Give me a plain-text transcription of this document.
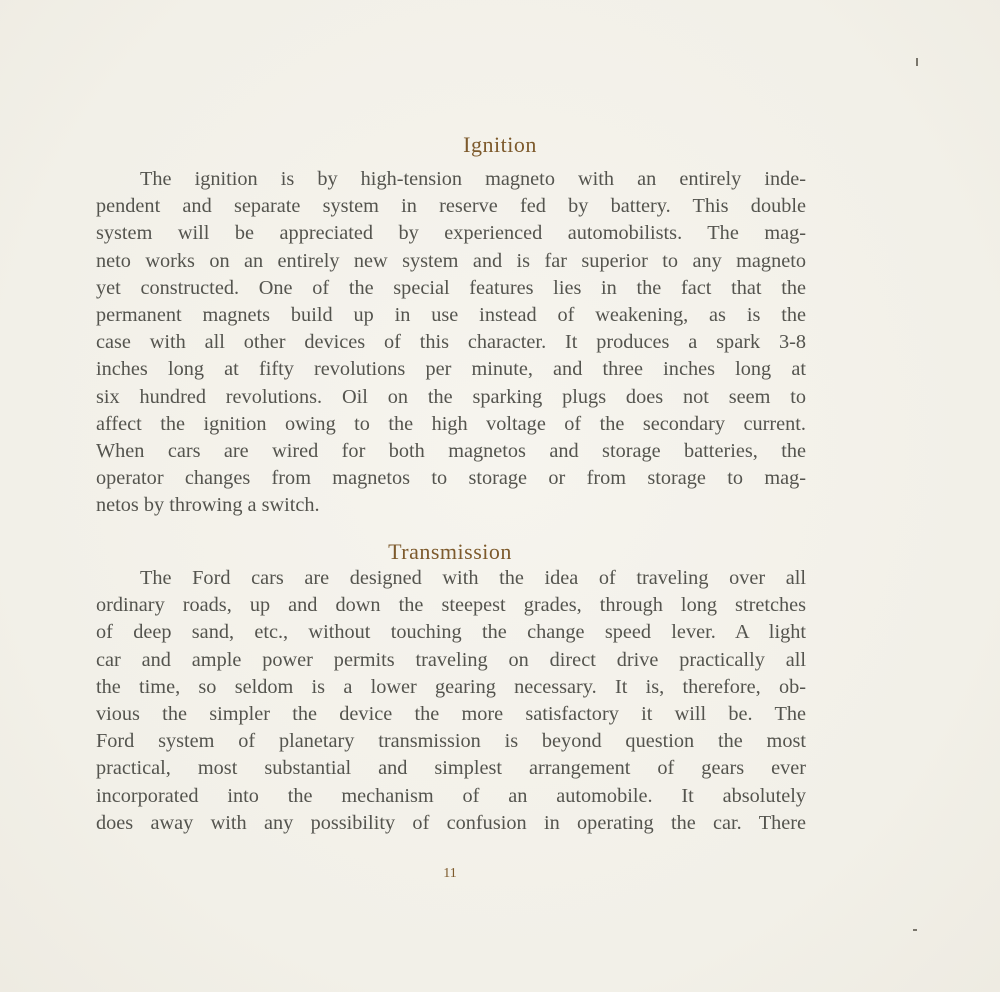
Ignition
The ignition is by high-tension magneto with an entirely inde-
pendent and separate system in reserve fed by battery. This double
system will be appreciated by experienced automobilists. The mag-
neto works on an entirely new system and is far superior to any magneto
yet constructed. One of the special features lies in the fact that the
permanent magnets build up in use instead of weakening, as is the
case with all other devices of this character. It produces a spark 3-8
inches long at fifty revolutions per minute, and three inches long at
six hundred revolutions. Oil on the sparking plugs does not seem to
affect the ignition owing to the high voltage of the secondary current.
When cars are wired for both magnetos and storage batteries, the
operator changes from magnetos to storage or from storage to mag-
netos by throwing a switch.
Transmission
The Ford cars are designed with the idea of traveling over all
ordinary roads, up and down the steepest grades, through long stretches
of deep sand, etc., without touching the change speed lever. A light
car and ample power permits traveling on direct drive practically all
the time, so seldom is a lower gearing necessary. It is, therefore, ob-
vious the simpler the device the more satisfactory it will be. The
Ford system of planetary transmission is beyond question the most
practical, most substantial and simplest arrangement of gears ever
incorporated into the mechanism of an automobile. It absolutely
does away with any possibility of confusion in operating the car. There
11
